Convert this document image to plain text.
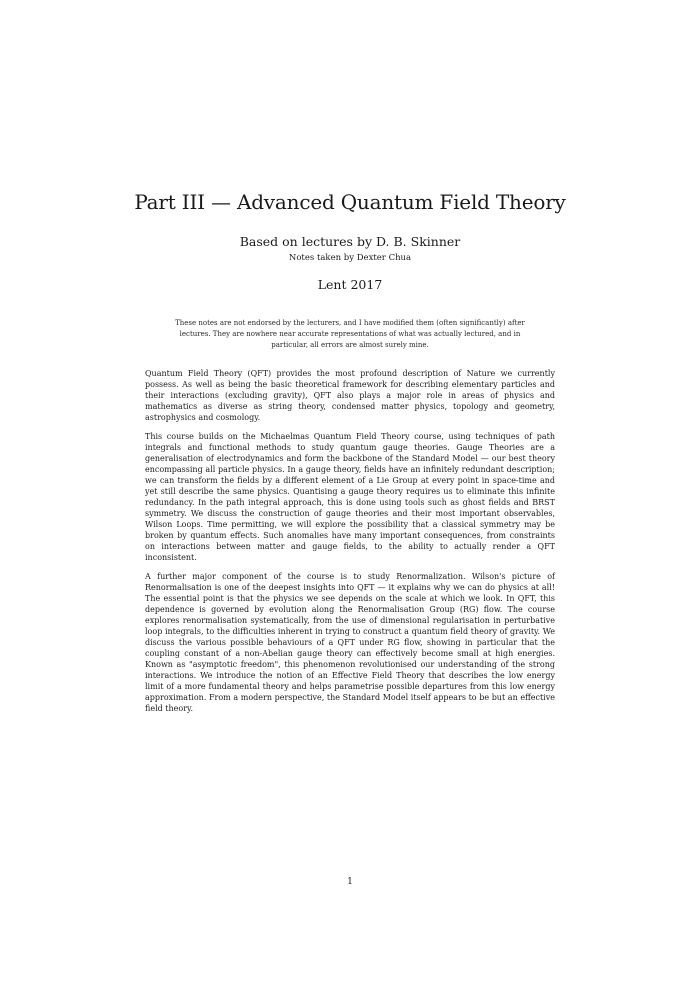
Part III — Advanced Quantum Field Theory
Based on lectures by D. B. Skinner
Notes taken by Dexter Chua
Lent 2017
These notes are not endorsed by the lecturers, and I have modified them (often significantly) after lectures. They are nowhere near accurate representations of what was actually lectured, and in particular, all errors are almost surely mine.

Quantum Field Theory (QFT) provides the most profound description of Nature we currently possess. As well as being the basic theoretical framework for describing elementary particles and their interactions (excluding gravity), QFT also plays a major role in areas of physics and mathematics as diverse as string theory, condensed matter physics, topology and geometry, astrophysics and cosmology.

This course builds on the Michaelmas Quantum Field Theory course, using techniques of path integrals and functional methods to study quantum gauge theories. Gauge Theories are a generalisation of electrodynamics and form the backbone of the Standard Model — our best theory encompassing all particle physics. In a gauge theory, fields have an infinitely redundant description; we can transform the fields by a different element of a Lie Group at every point in space-time and yet still describe the same physics. Quantising a gauge theory requires us to eliminate this infinite redundancy. In the path integral approach, this is done using tools such as ghost fields and BRST symmetry. We discuss the construction of gauge theories and their most important observables, Wilson Loops. Time permitting, we will explore the possibility that a classical symmetry may be broken by quantum effects. Such anomalies have many important consequences, from constraints on interactions between matter and gauge fields, to the ability to actually render a QFT inconsistent.

A further major component of the course is to study Renormalization. Wilson's picture of Renormalisation is one of the deepest insights into QFT — it explains why we can do physics at all! The essential point is that the physics we see depends on the scale at which we look. In QFT, this dependence is governed by evolution along the Renormalisation Group (RG) flow. The course explores renormalisation systematically, from the use of dimensional regularisation in perturbative loop integrals, to the difficulties inherent in trying to construct a quantum field theory of gravity. We discuss the various possible behaviours of a QFT under RG flow, showing in particular that the coupling constant of a non-Abelian gauge theory can effectively become small at high energies. Known as "asymptotic freedom", this phenomenon revolutionised our understanding of the strong interactions. We introduce the notion of an Effective Field Theory that describes the low energy limit of a more fundamental theory and helps parametrise possible departures from this low energy approximation. From a modern perspective, the Standard Model itself appears to be but an effective field theory.

1
